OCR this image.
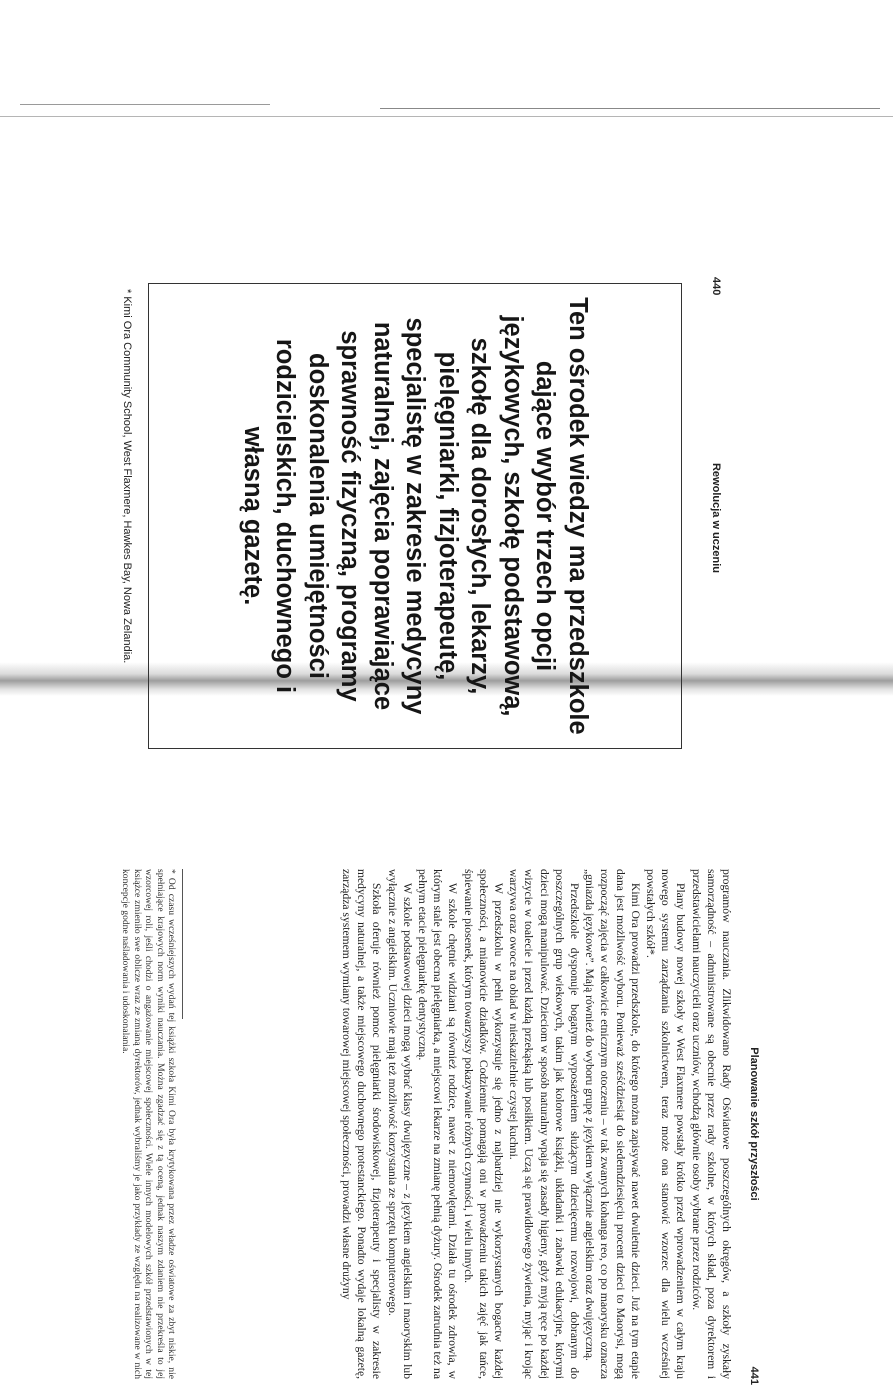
440
Rewolucja w uczeniu

Ten ośrodek wiedzy ma przedszkole dające wybór trzech opcji językowych, szkołę podstawową, szkołę dla dorosłych, lekarzy, pielęgniarki, fizjoterapeutę, specjalistę w zakresie medycyny naturalnej, zajęcia poprawiające sprawność fizyczną, programy doskonalenia umiejętności rodzicielskich, duchownego i własną gazetę.

* Kimi Ora Community School, West Flaxmere, Hawkes Bay, Nowa Zelandia.
Planowanie szkół przyszłości
441

programów nauczania. Zlikwidowano Rady Oświatowe poszczególnych okręgów, a szkoły zyskały samorządność – administrowane są obecnie przez rady szkolne, w których skład, poza dyrektorem i przedstawicielami nauczycieli oraz uczniów, wchodzą głównie osoby wybrane przez rodziców.

Plany budowy nowej szkoły w West Flaxmere powstały krótko przed wprowadzeniem w całym kraju nowego systemu zarządzania szkolnictwem, teraz może ona stanowić wzorzec dla wielu wcześniej powstałych szkół*.

Kimi Ora prowadzi przedszkole, do którego można zapisywać nawet dwuletnie dzieci. Już na tym etapie dana jest możliwość wyboru. Ponieważ sześćdziesiąt do siedemdziesięciu procent dzieci to Maorysi, mogą rozpocząć zajęcia w całkowicie etnicznym otoczeniu – w tak zwanych kohanga reo, co po maorysku oznacza „gniazda językowe”. Mają również do wyboru grupę z językiem wyłącznie angielskim oraz dwujęzyczną.

Przedszkole dysponuje bogatym wyposażeniem służącym dziecięcemu rozwojowi, dobranym do poszczególnych grup wiekowych, takim jak kolorowe książki, układanki i zabawki edukacyjne, którymi dzieci mogą manipulować. Dzieciom w sposób naturalny wpaja się zasady higieny, gdyż myją ręce po każdej wizycie w toalecie i przed każdą przekąską lub posiłkiem. Uczą się prawidłowego żywienia, myjąc i krojąc warzywa oraz owoce na obiad w nieskazitelnie czystej kuchni.

W przedszkolu w pełni wykorzystuje się jedno z najbardziej nie wykorzystanych bogactw każdej społeczności, a mianowicie dziadków. Codziennie pomagają oni w prowadzeniu takich zajęć jak tańce, śpiewanie piosenek, którym towarzyszy pokazywanie różnych czynności, i wielu innych.

W szkole chętnie widziani są również rodzice, nawet z niemowlętami. Działa tu ośrodek zdrowia, w którym stale jest obecna pielęgniarka, a miejscowi lekarze na zmianę pełnią dyżury. Ośrodek zatrudnia też na pełnym etacie pielęgniarkę dentystyczną.

W szkole podstawowej dzieci mogą wybrać klasy dwujęzyczne – z językiem angielskim i maoryskim lub wyłącznie z angielskim. Uczniowie mają też możliwość korzystania ze sprzętu komputerowego.

Szkoła oferuje również pomoc pielęgniarki środowiskowej, fizjoterapeuty i specjalisty w zakresie medycyny naturalnej, a także miejscowego duchownego protestanckiego. Ponadto wydaje lokalną gazetę, zarządza systemem wymiany towarowej miejscowej społeczności, prowadzi własne drużyny

* Od czasu wcześniejszych wydań tej książki szkoła Kimi Ora była krytykowana przez władze oświatowe za zbyt niskie, nie spełniające krajowych norm wyniki nauczania. Możnа zgadzać się z tą oceną, jednak naszym zdaniem nie przekreśla to jej wzorcowej roli, jeśli chodzi o angażowanie miejscowej społeczności. Wiele innych modelowych szkół przedstawionych w tej książce zmieniło swe oblicze wraz ze zmianą dyrektorów, jednak wybraliśmy je jako przykłady ze względu na realizowane w nich koncepcje godne naśladowania i udoskonalania.
